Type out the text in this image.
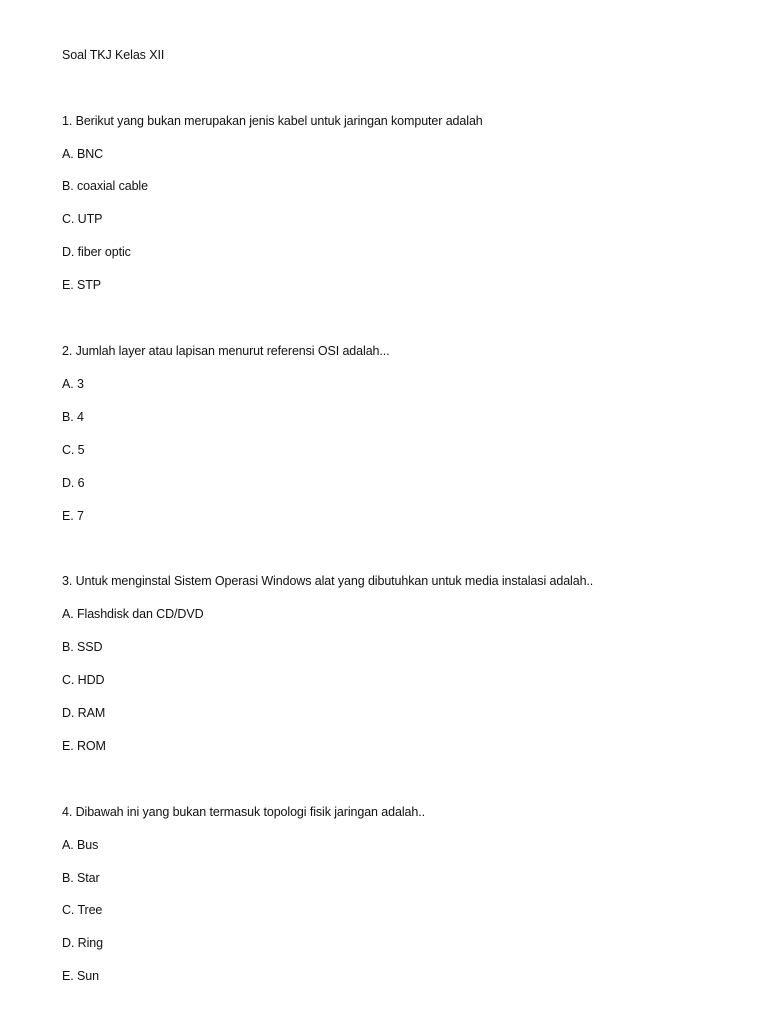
Soal TKJ Kelas XII
1. Berikut yang bukan merupakan jenis kabel untuk jaringan komputer adalah
A. BNC
B. coaxial cable
C. UTP
D. fiber optic
E. STP
2. Jumlah layer atau lapisan menurut referensi OSI adalah...
A. 3
B. 4
C. 5
D. 6
E. 7
3. Untuk menginstal Sistem Operasi Windows alat yang dibutuhkan untuk media instalasi adalah..
A. Flashdisk dan CD/DVD
B. SSD
C. HDD
D. RAM
E. ROM
4. Dibawah ini yang bukan termasuk topologi fisik jaringan adalah..
A. Bus
B. Star
C. Tree
D. Ring
E. Sun
